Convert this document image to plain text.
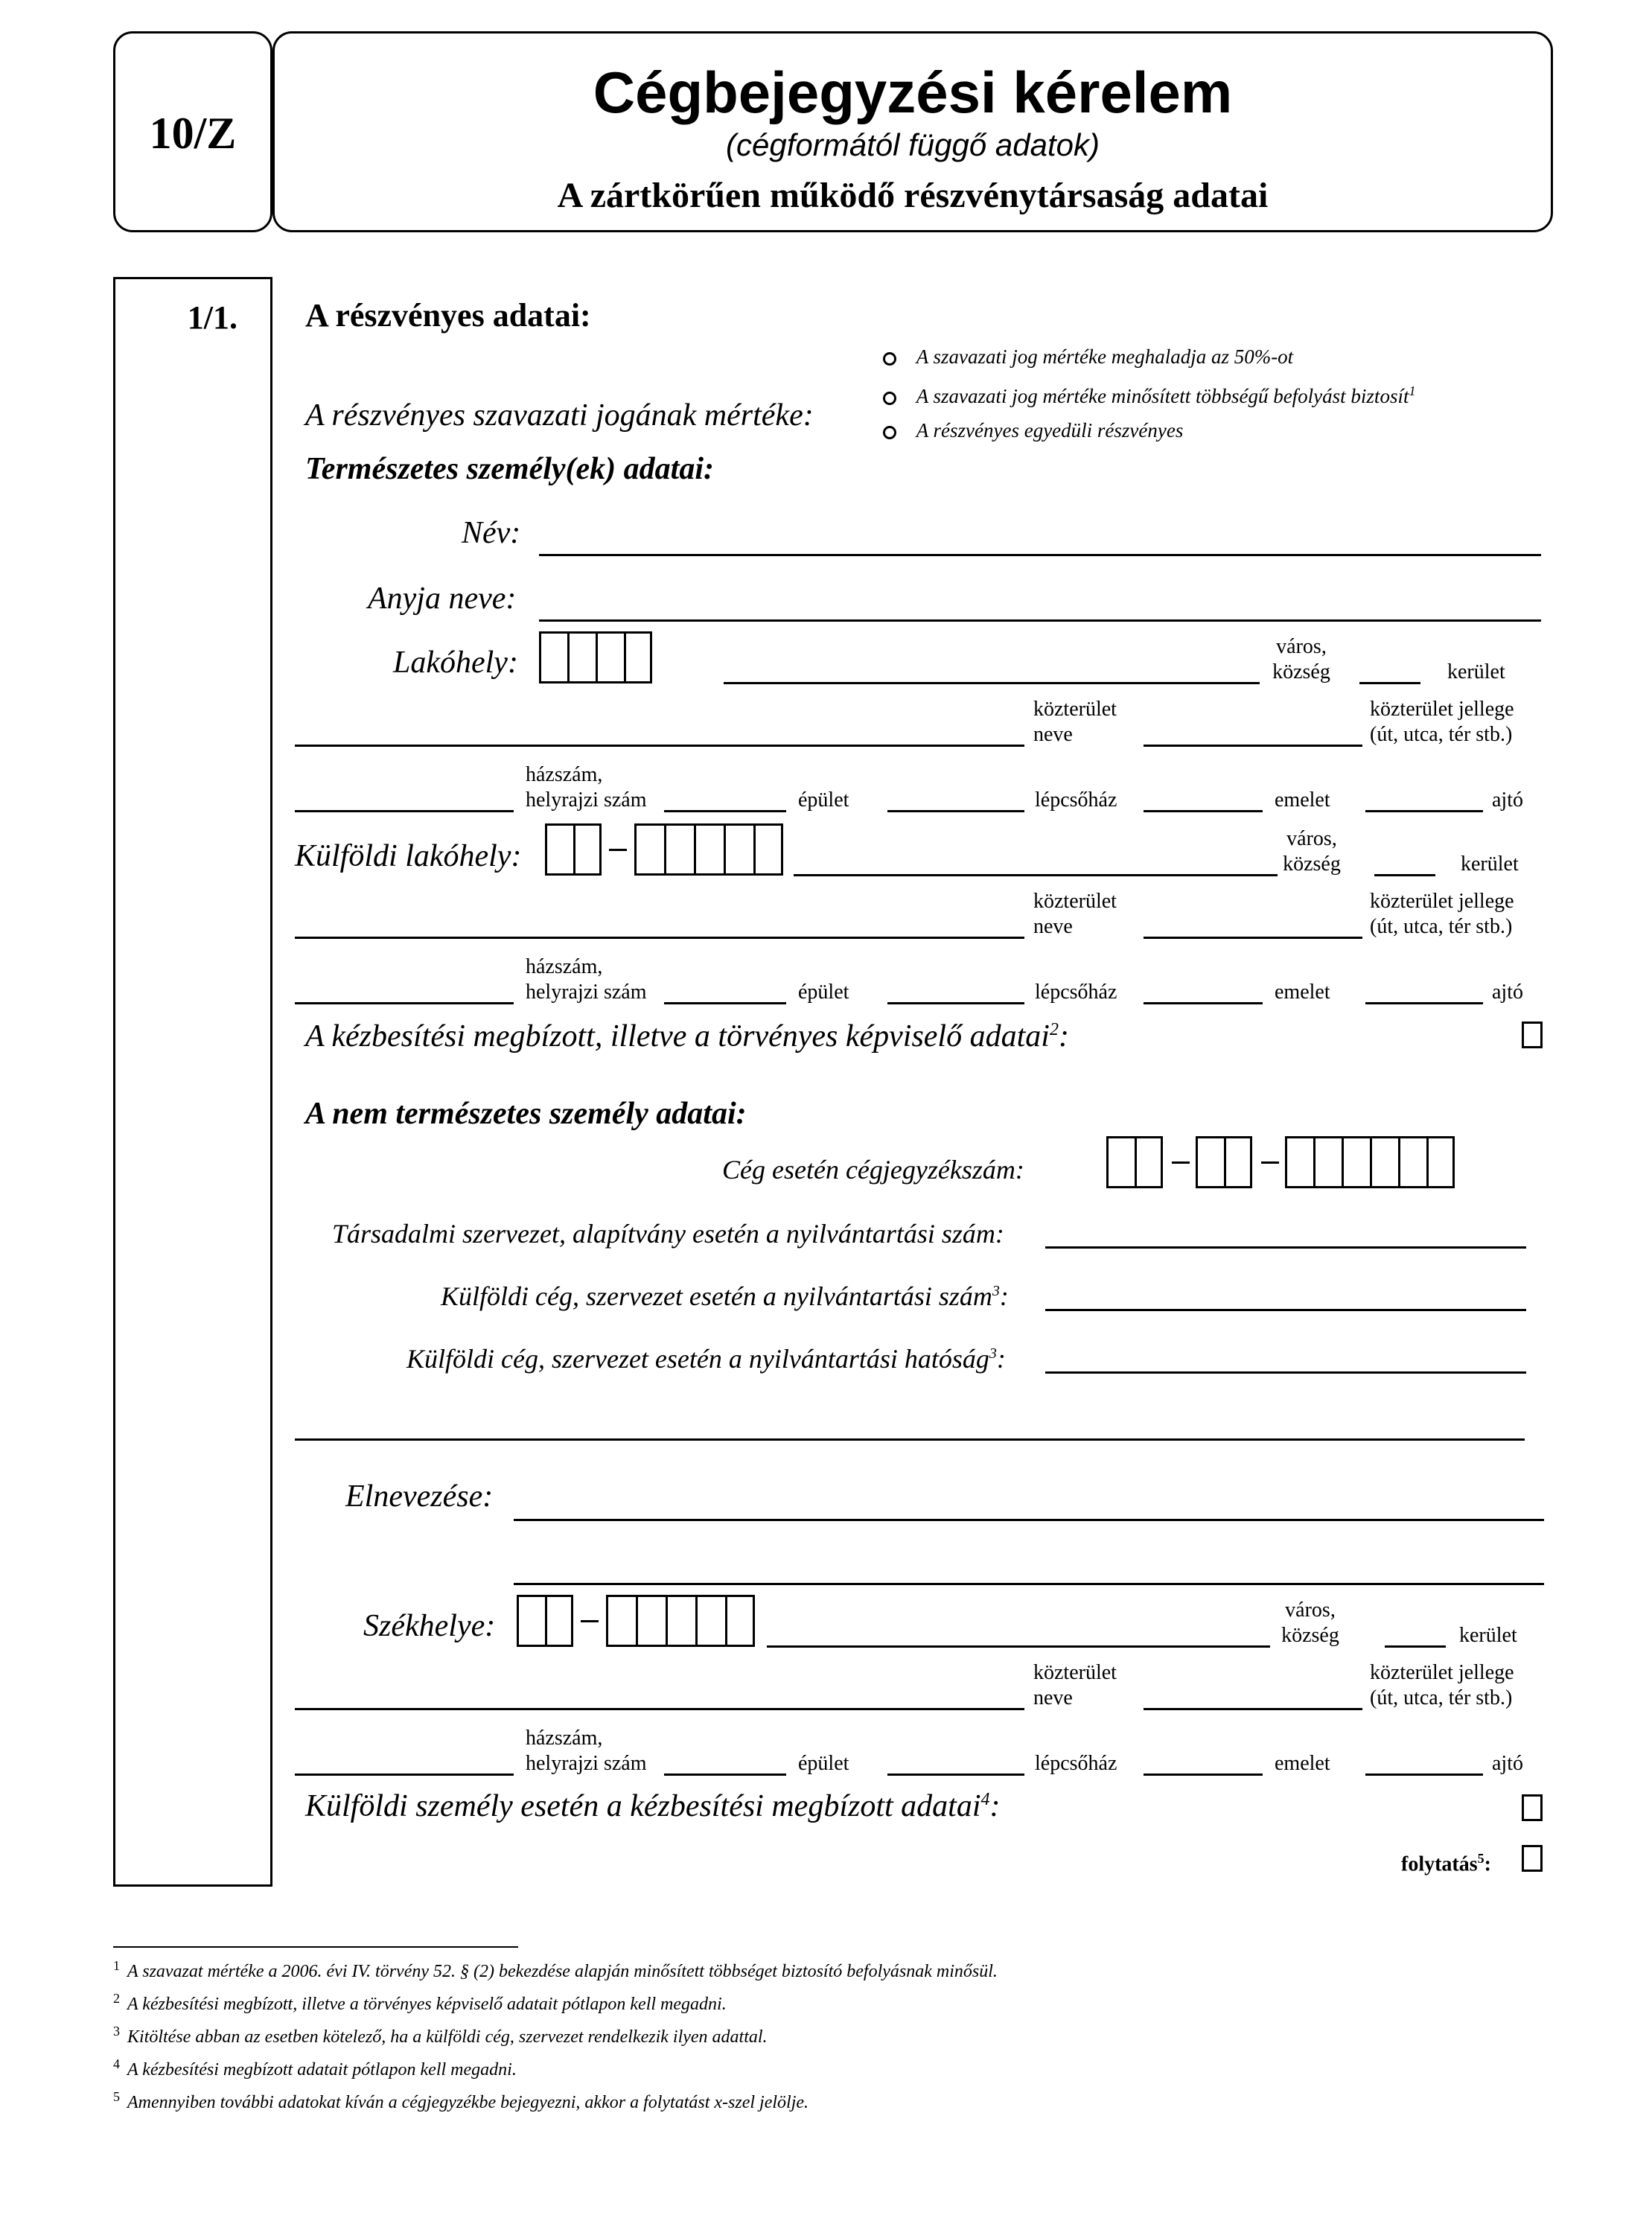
10/Z
Cégbejegyzési kérelem
(cégformától függő adatok)
A zártkörűen működő részvénytársaság adatai
1/1. A részvényes adatai:
A szavazati jog mértéke meghaladja az 50%-ot
A szavazati jog mértéke minősített többségű befolyást biztosít$^1$
A részvényes egyedüli részvényes
A részvényes szavazati jogának mértéke:
Természetes személy(ek) adatai:
Név:
Anyja neve:
Lakóhely:	város,
község	kerület
közterület
neve
közterület jellege
(út, utca, tér stb.)
házszám,
helyrajzi szám	épület	lépcsőház	emelet	ajtó
Külföldi lakóhely:
város,
község	kerület
közterület
neve
közterület jellege
(út, utca, tér stb.)
házszám,
helyrajzi szám	épület	lépcsőház	emelet	ajtó
A kézbesítési megbízott, illetve a törvényes képviselő adatai$^2$:
A nem természetes személy adatai:
Cég esetén cégjegyzékszám:
Társadalmi szervezet, alapítvány esetén a nyilvántartási szám:
Külföldi cég, szervezet esetén a nyilvántartási szám$^3$:
Külföldi cég, szervezet esetén a nyilvántartási hatóság$^3$:
Elnevezése:
Székhelye:	város,
község	kerület
közterület
neve
közterület jellege
(út, utca, tér stb.)
házszám,
helyrajzi szám	épület	lépcsőház	emelet	ajtó
Külföldi személy esetén a kézbesítési megbízott adatai$^4$:
folytatás$^5$:
$^1$ A szavazat mértéke a 2006. évi IV. törvény 52. § (2) bekezdése alapján minősített többséget biztosító befolyásnak minősül.
$^2$ A kézbesítési megbízott, illetve a törvényes képviselő adatait pótlapon kell megadni.
$^3$ Kitöltése abban az esetben kötelező, ha a külföldi cég, szervezet rendelkezik ilyen adattal.
$^4$ A kézbesítési megbízott adatait pótlapon kell megadni.
$^5$ Amennyiben további adatokat kíván a cégjegyzékbe bejegyezni, akkor a folytatást x-szel jelölje.
